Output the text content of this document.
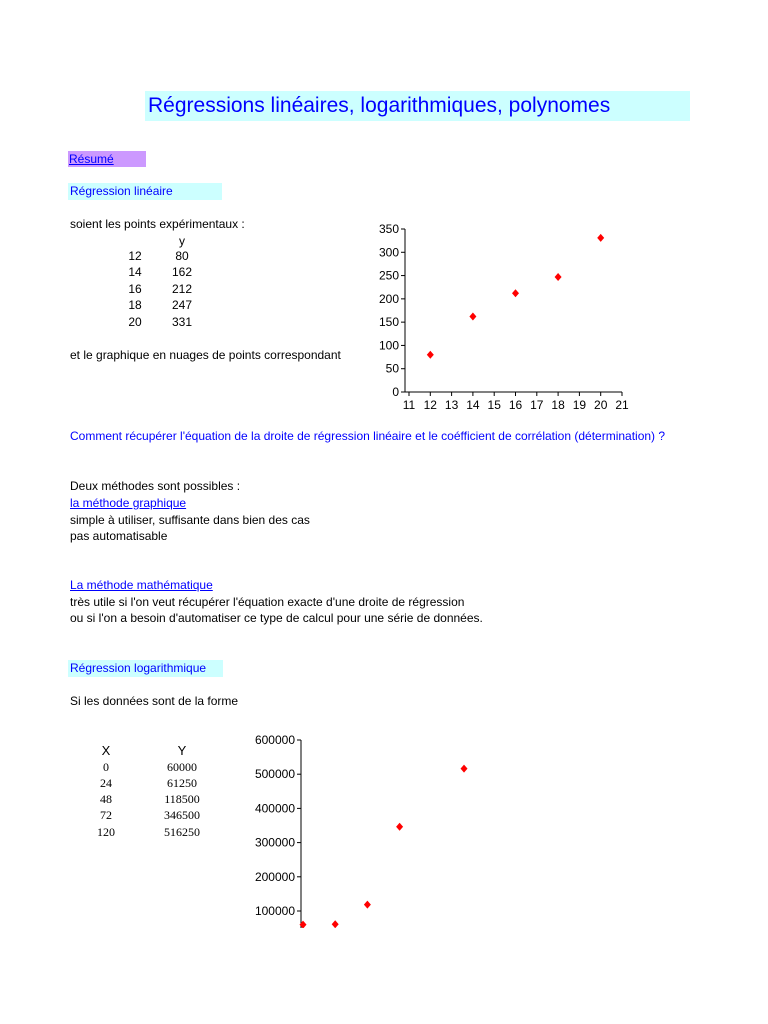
Régressions linéaires, logarithmiques, polynomes
Résumé
Régression linéaire
soient les points expérimentaux :
y
12	80
14	162
16	212
18	247
20	331
et le graphique en nuages de points correspondant
0
50
100
150
200
250
300
350
11 12 13 14 15 16 17 18 19 20 21
Comment récupérer l'équation de la droite de régression linéaire et le coéfficient de corrélation (détermination) ?
Deux méthodes sont possibles :
la méthode graphique
simple à utiliser, suffisante dans bien des cas
pas automatisable
La méthode mathématique
très utile si l'on veut récupérer l'équation exacte d'une droite de régression
ou si l'on a besoin d'automatiser ce type de calcul pour une série de données.
Régression logarithmique
Si les données sont de la forme
X	Y
0	60000
24	61250
48	118500
72	346500
120	516250
100000
200000
300000
400000
500000
600000
